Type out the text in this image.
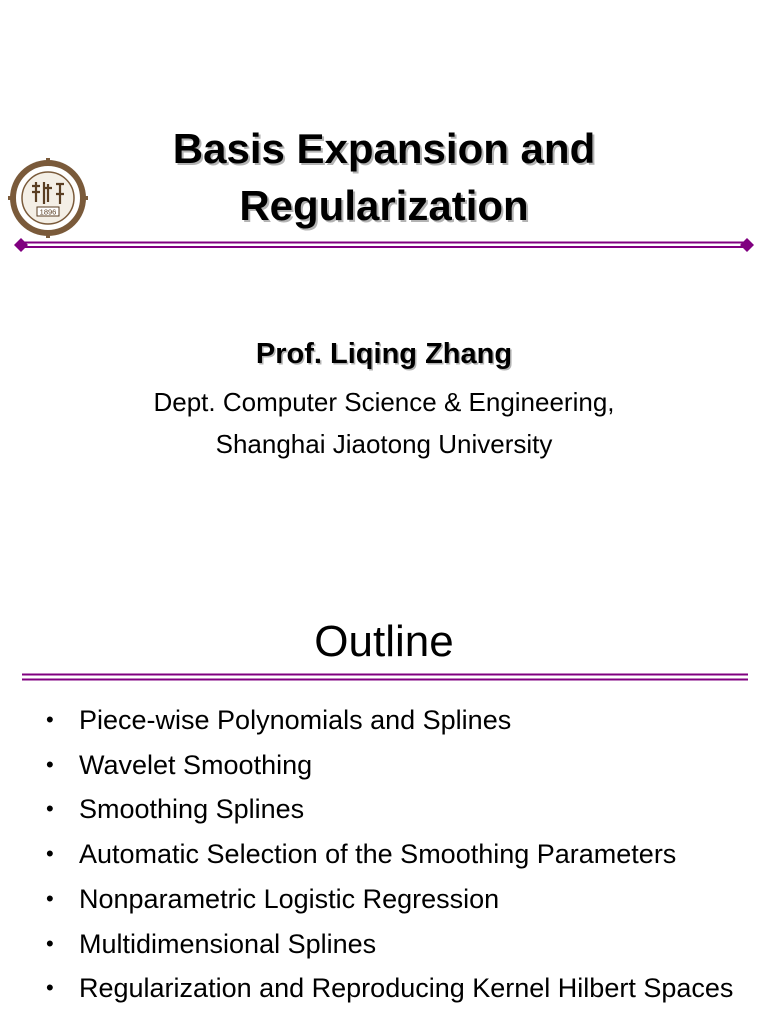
1896
Basis Expansion and
Regularization
Prof. Liqing Zhang
Dept. Computer Science & Engineering,
Shanghai Jiaotong University
Outline
• Piece-wise Polynomials and Splines
• Wavelet Smoothing
• Smoothing Splines
• Automatic Selection of the Smoothing Parameters
• Nonparametric Logistic Regression
• Multidimensional Splines
• Regularization and Reproducing Kernel Hilbert Spaces
